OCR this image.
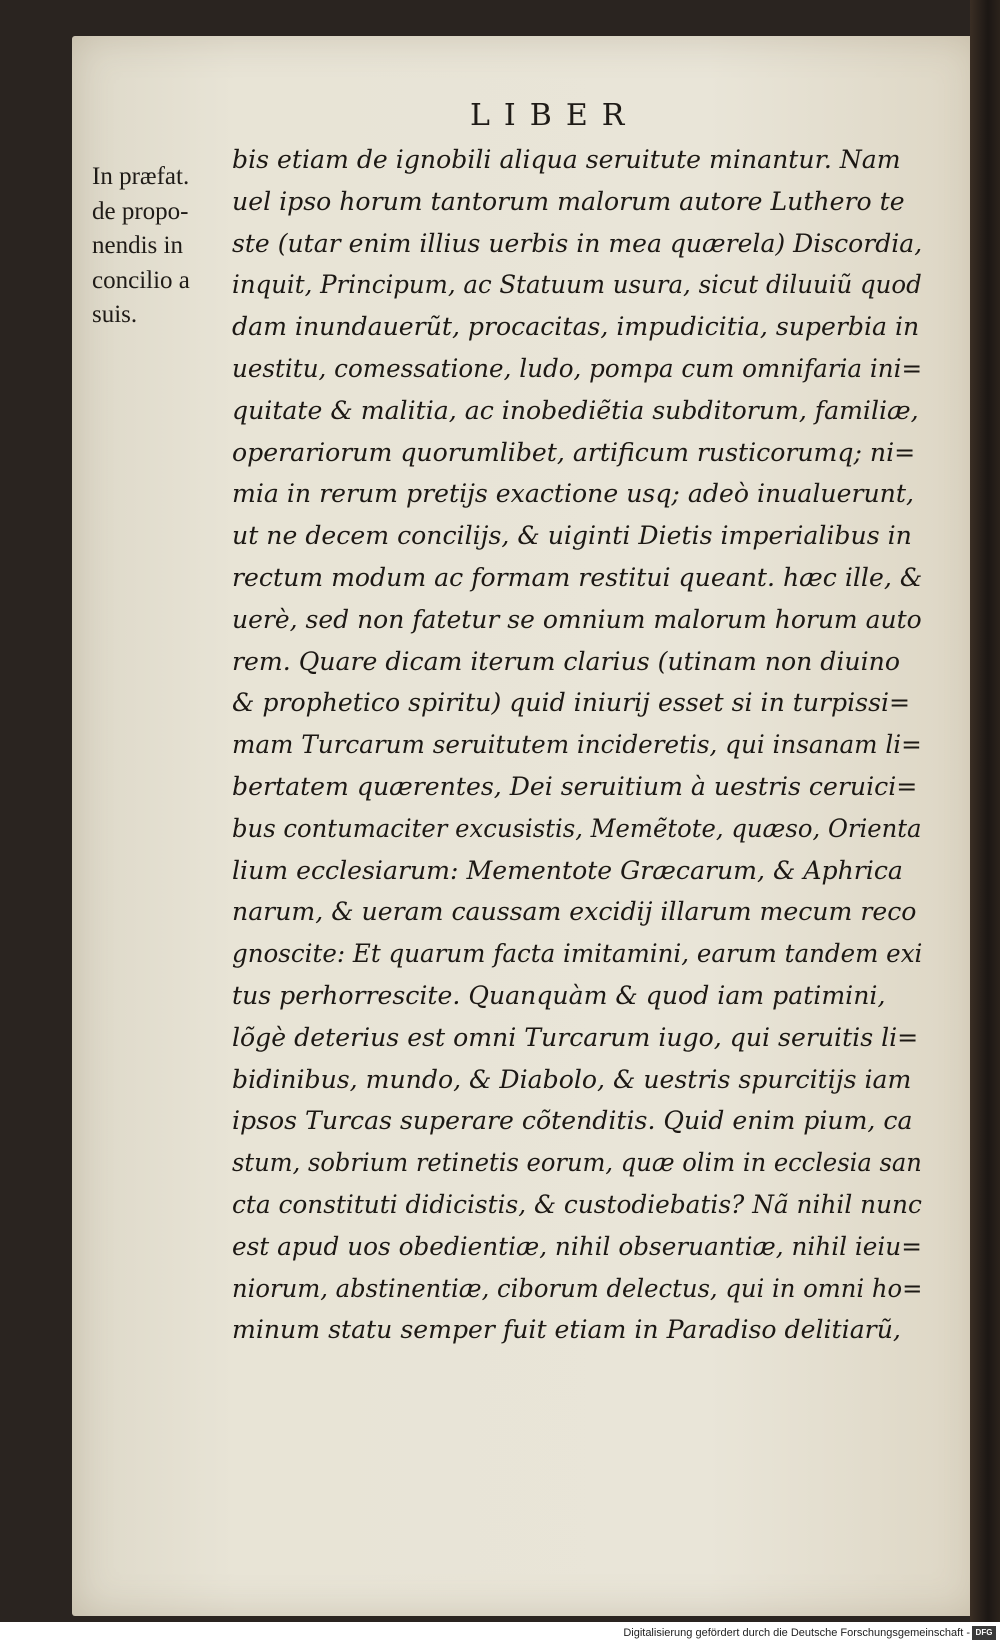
LIBER
In præfat.
de propo-
nendis in
concilio a
suis.
bis etiam de ignobili aliqua seruitute minantur. Nam
uel ipso horum tantorum malorum autore Luthero te
ste (utar enim illius uerbis in mea quærela) Discordia,
inquit, Principum, ac Statuum usura, sicut diluuiũ quod
dam inundauerũt, procacitas, impudicitia, superbia in
uestitu, comessatione, ludo, pompa cum omnifaria ini=
quitate & malitia, ac inobediẽtia subditorum, familiæ,
operariorum quorumlibet, artificum rusticorumq; ni=
mia in rerum pretijs exactione usq; adeò inualuerunt,
ut ne decem concilijs, & uiginti Dietis imperialibus in
rectum modum ac formam restitui queant. hæc ille, &
uerè, sed non fatetur se omnium malorum horum auto
rem. Quare dicam iterum clarius (utinam non diuino
& prophetico spiritu) quid iniurij esset si in turpissi=
mam Turcarum seruitutem incideretis, qui insanam li=
bertatem quærentes, Dei seruitium à uestris ceruici=
bus contumaciter excusistis, Memẽtote, quæso, Orienta
lium ecclesiarum: Mementote Græcarum, & Aphrica
narum, & ueram caussam excidij illarum mecum reco
gnoscite: Et quarum facta imitamini, earum tandem exi
tus perhorrescite. Quanquàm & quod iam patimini,
lõgè deterius est omni Turcarum iugo, qui seruitis li=
bidinibus, mundo, & Diabolo, & uestris spurcitijs iam
ipsos Turcas superare cõtenditis. Quid enim pium, ca
stum, sobrium retinetis eorum, quæ olim in ecclesia san
cta constituti didicistis, & custodiebatis? Nã nihil nunc
est apud uos obedientiæ, nihil obseruantiæ, nihil ieiu=
niorum, abstinentiæ, ciborum delectus, qui in omni ho=
minum statu semper fuit etiam in Paradiso delitiarũ,
Digitalisierung gefördert durch die Deutsche Forschungsgemeinschaft - DFG
